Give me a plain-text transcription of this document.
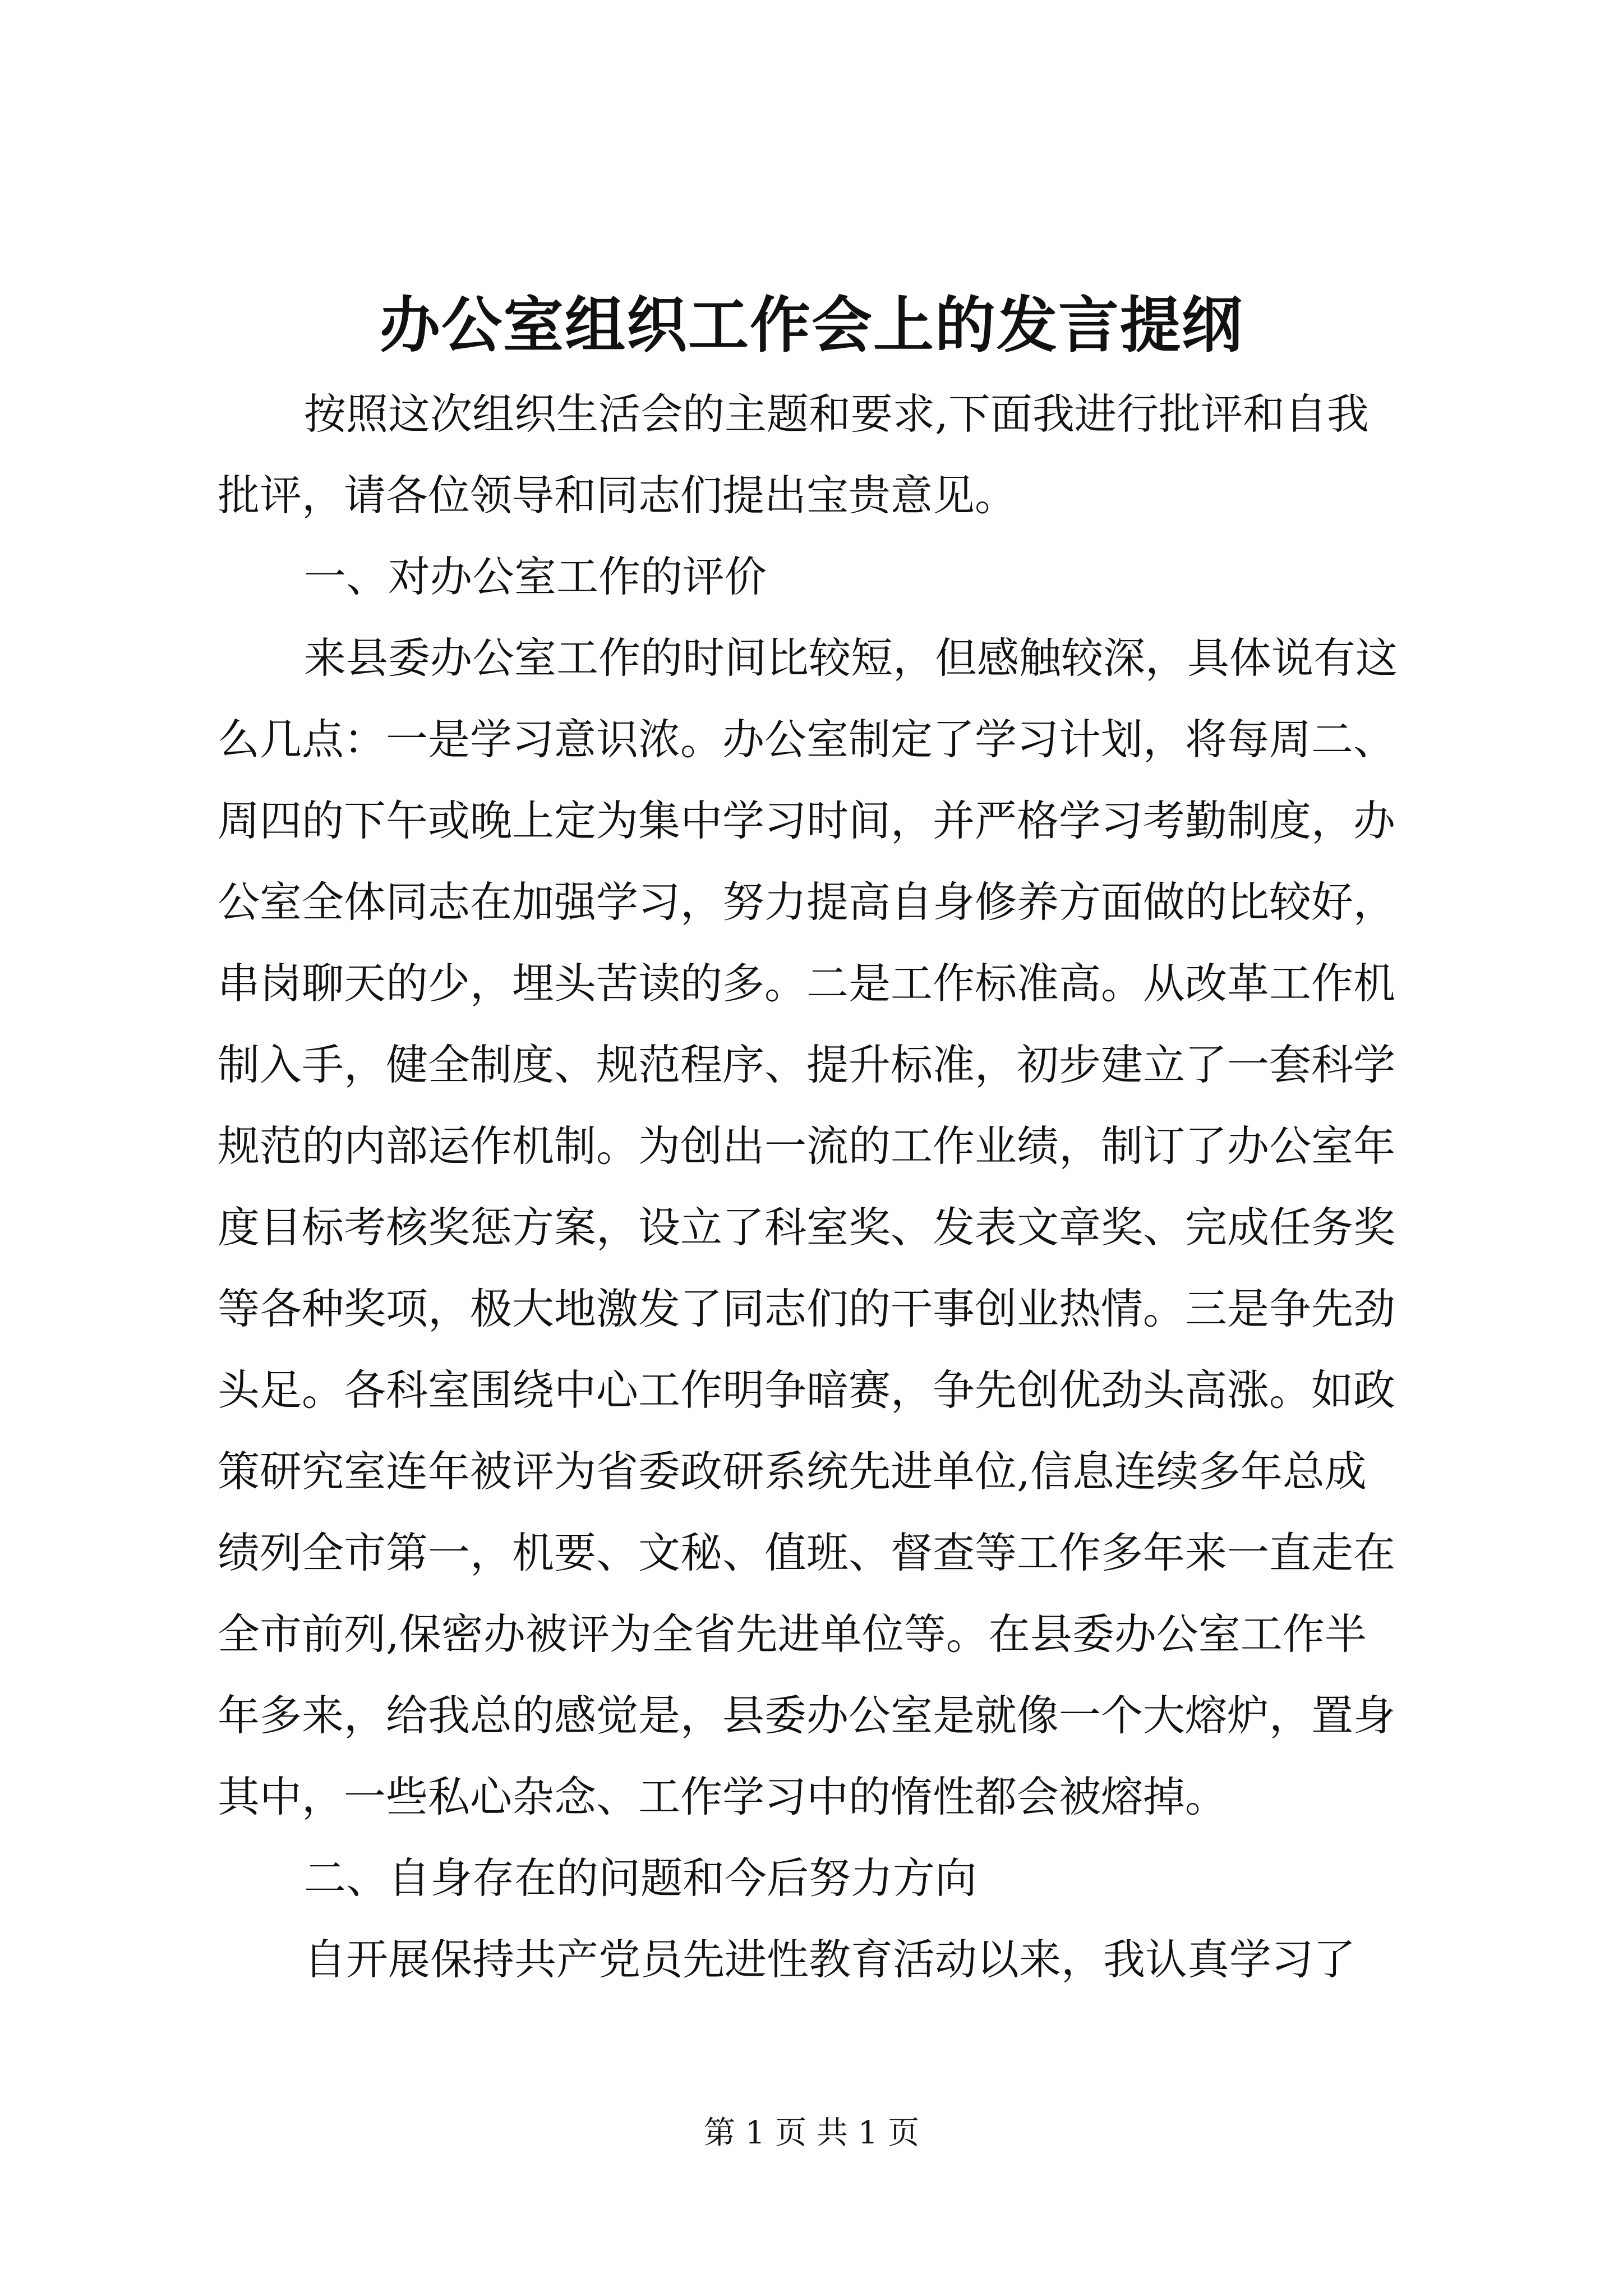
办公室组织工作会上的发言提纲
按照这次组织生活会的主题和要求,下面我进行批评和自我
批评，请各位领导和同志们提出宝贵意见。
一、对办公室工作的评价
来县委办公室工作的时间比较短，但感触较深，具体说有这
么几点：一是学习意识浓。办公室制定了学习计划，将每周二、
周四的下午或晚上定为集中学习时间，并严格学习考勤制度，办
公室全体同志在加强学习，努力提高自身修养方面做的比较好，
串岗聊天的少，埋头苦读的多。二是工作标准高。从改革工作机
制入手，健全制度、规范程序、提升标准，初步建立了一套科学
规范的内部运作机制。为创出一流的工作业绩，制订了办公室年
度目标考核奖惩方案，设立了科室奖、发表文章奖、完成任务奖
等各种奖项，极大地激发了同志们的干事创业热情。三是争先劲
头足。各科室围绕中心工作明争暗赛，争先创优劲头高涨。如政
策研究室连年被评为省委政研系统先进单位,信息连续多年总成
绩列全市第一，机要、文秘、值班、督查等工作多年来一直走在
全市前列,保密办被评为全省先进单位等。在县委办公室工作半
年多来，给我总的感觉是，县委办公室是就像一个大熔炉，置身
其中，一些私心杂念、工作学习中的惰性都会被熔掉。
二、自身存在的问题和今后努力方向
自开展保持共产党员先进性教育活动以来，我认真学习了
第 1 页 共 1 页
